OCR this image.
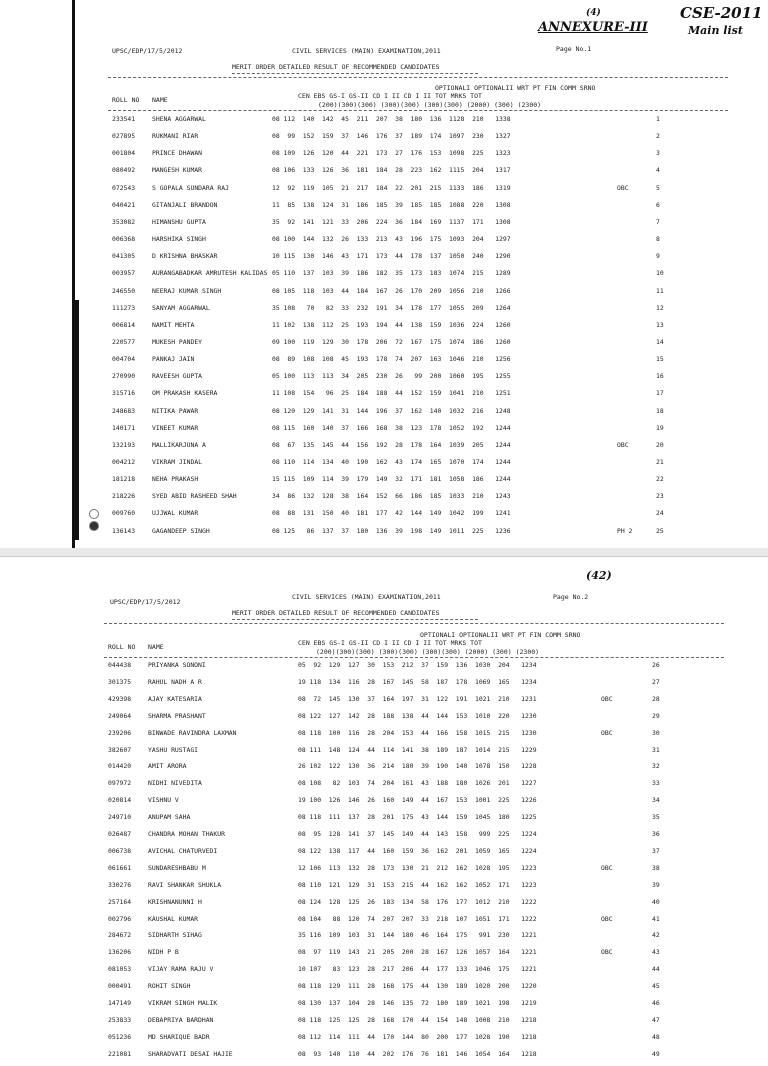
(4)
ANNEXURE-III
CSE-2011
Main list
UPSC/EDP/17/5/2012	CIVIL SERVICES (MAIN) EXAMINATION,2011	Page No.1
MERIT ORDER DETAILED RESULT OF RECOMMENDED CANDIDATES
OPTIONALI OPTIONALII WRT PT FIN COMM SRNO
ROLL NO NAME	CEN EBS GS-I GS-II CD I II CD I II TOT MRKS TOT
(200)(300)(300) (300)(300) (300)(300) (2000) (300) (2300)
233541	SHENA AGGARWAL	08 112  140  142  45  211  207  38  180  136  1128  210   1338	1
027895	RUKMANI RIAR	08  99  152  159  37  146  176  37  189  174  1097  230   1327	2
001804	PRINCE DHAWAN	08 109  126  120  44  221  173  27  176  153  1098  225   1323	3
080492	MANGESH KUMAR	08 106  133  126  36  181  184  28  223  162  1115  204   1317	4
072543	S GOPALA SUNDARA RAJ	12  92  119  105  21  217  184  22  201  215  1133  186   1319	OBC	5
040421	GITANJALI BRANDON	11  85  138  124  31  186  185  39  185  185  1088  220   1308	6
353082	HIMANSHU GUPTA	35  92  141  121  33  206  224  36  184  169  1137  171   1308	7
006368	HARSHIKA SINGH	08 100  144  132  26  133  213  43  196  175  1093  204   1297	8
041305	D KRISHNA BHASKAR	10 115  130  146  43  171  173  44  178  137  1050  240   1290	9
003957	AURANGABADKAR AMRUTESH KALIDAS 05 110  137  103  39  186  182  35  173  183  1074  215   1289	10
246550	NEERAJ KUMAR SINGH	08 105  118  103  44  184  167  26  170  209  1056  210   1266	11
111273	SANYAM AGGARWAL	35 108   70   82  33  232  191  34  178  177  1055  209   1264	12
006814	NAMIT MEHTA	11 102  138  112  25  193  194  44  138  159  1036  224   1260	13
220577	MUKESH PANDEY	09 100  119  129  30  178  206  72  167  175  1074  186   1260	14
004704	PANKAJ JAIN	08  89  108  108  45  193  178  74  207  163  1046  210   1256	15
270990	RAVEESH GUPTA	05 100  113  113  34  205  230  26   99  200  1060  195   1255	16
315716	OM PRAKASH KASERA	11 108  154   96  25  184  188  44  152  159  1041  210   1251	17
248683	NITIKA PAWAR	08 120  129  141  31  144  196  37  162  140  1032  216   1248	18
140171	VINEET KUMAR	08 115  160  140  37  166  168  38  123  178  1052  192   1244	19
132193	MALLIKARJUNA A	08  67  135  145  44  156  192  28  178  164  1039  205   1244	OBC	20
004212	VIKRAM JINDAL	08 110  114  134  40  190  162  43  174  165  1070  174   1244	21
181218	NEHA PRAKASH	15 115  109  114  39  179  149  32  171  181  1058  186   1244	22
218226	SYED ABID RASHEED SHAH	34  86  132  128  38  164  152  66  186  185  1033  210   1243	23
009760	UJJWAL KUMAR	08  88  131  150  40  181  177  42  144  149  1042  199   1241	24
136143	GAGANDEEP SINGH	08 125   86  137  37  180  136  39  198  149  1011  225   1236	PH 2	25
(42)
UPSC/EDP/17/5/2012
CIVIL SERVICES (MAIN) EXAMINATION,2011	Page No.2
MERIT ORDER DETAILED RESULT OF RECOMMENDED CANDIDATES
OPTIONALI OPTIONALII WRT PT FIN COMM SRNO
ROLL NO NAME	CEN EBS GS-I GS-II CD I II CD I II TOT MRKS TOT
(200)(300)(300) (300)(300) (300)(300) (2000) (300) (2300)
044438	PRIYANKA SONONI	05  92  129  127  30  153  212  37  159  136  1030  204   1234	26
301375	RAHUL NADH A R	19 118  134  116  28  167  145  58  187  178  1069  165   1234	27
429398	AJAY KATESARIA	08  72  145  130  37  164  197  31  122  191  1021  210   1231	OBC	28
249064	SHARMA PRASHANT	08 122  127  142  28  188  138  44  144  153  1010  220   1230	29
239206	BINWADE RAVINDRA LAXMAN	08 118  100  116  28  204  153  44  166  158  1015  215   1230	OBC	30
382607	YASHU RUSTAGI	08 111  148  124  44  114  141  38  189  187  1014  215   1229	31
014420	AMIT ARORA	26 102  122  130  36  214  180  39  190  140  1078  150   1228	32
097972	NIDHI NIVEDITA	08 108   82  103  74  204  161  43  188  180  1026  201   1227	33
020814	VISHNU V	19 100  126  146  26  160  149  44  167  153  1001  225   1226	34
249710	ANUPAM SAHA	08 118  111  137  28  201  175  43  144  159  1045  180   1225	35
026487	CHANDRA MOHAN THAKUR	08  95  128  141  37  145  149  44  143  158   999  225   1224	36
006738	AVICHAL CHATURVEDI	08 122  138  117  44  160  159  36  162  201  1059  165   1224	37
061661	SUNDARESHBABU M	12 106  113  132  28  173  130  21  212  162  1028  195   1223	OBC	38
330276	RAVI SHANKAR SHUKLA	08 110  121  129  31  153  215  44  162  162  1052  171   1223	39
257164	KRISHNANUNNI H	08 124  128  125  26  183  134  58  176  177  1012  210   1222	40
002796	KAUSHAL KUMAR	08 104   88  120  74  207  207  33  218  107  1051  171   1222	OBC	41
284672	SIDHARTH SIHAG	35 116  109  103  31  144  180  46  164  175   991  230   1221	42
136206	NIDH P B	08  97  119  143  21  205  200  28  167  126  1057  164   1221	OBC	43
081053	VIJAY RAMA RAJU V	10 107   83  123  28  217  206  44  177  133  1046  175   1221	44
000491	ROHIT SINGH	08 118  129  111  28  168  175  44  130  189  1020  200   1220	45
147149	VIKRAM SINGH MALIK	08 130  137  104  28  146  135  72  180  189  1021  198   1219	46
253833	DEBAPRIYA BARDHAN	08 118  125  125  28  168  170  44  154  148  1008  210   1218	47
051236	MD SHARIQUE BADR	08 112  114  111  44  170  144  80  200  177  1028  190   1218	48
221081	SHARADVATI DESAI HAJIE	08  93  140  110  44  202  176  76  181  146  1054  164   1218	49
